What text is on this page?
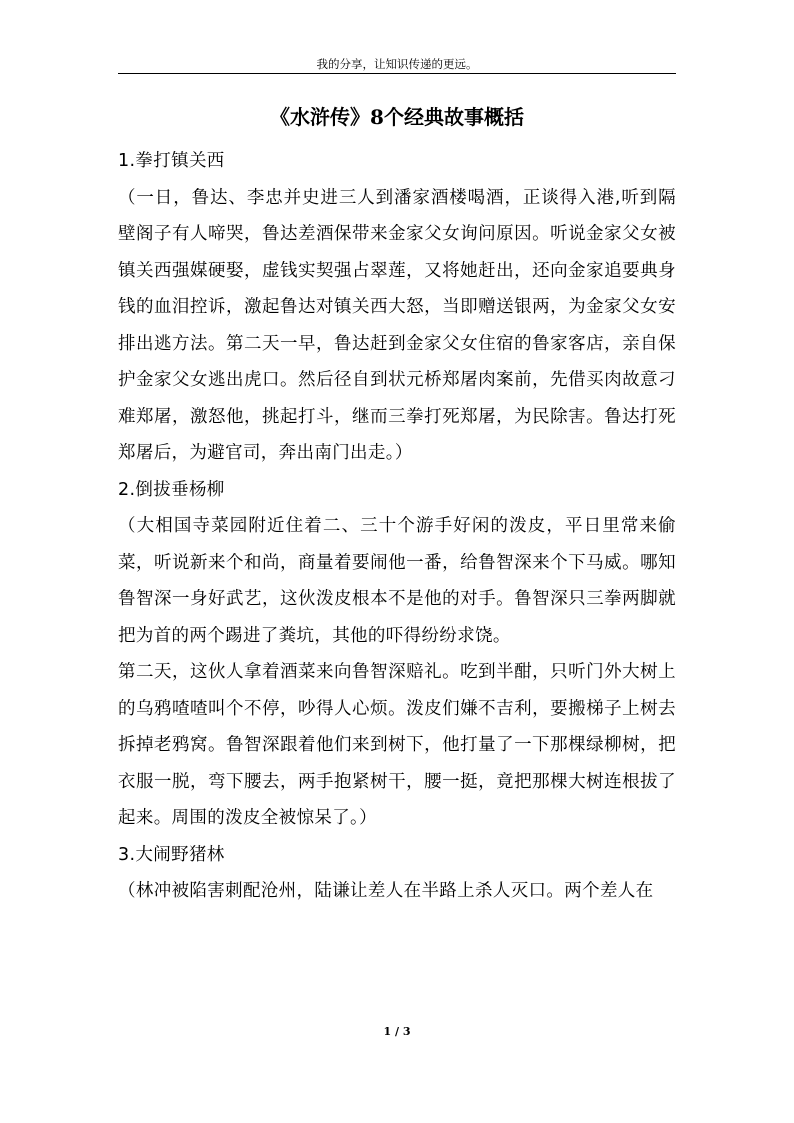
我的分享，让知识传递的更远。
《水浒传》8个经典故事概括

1.拳打镇关西

（一日，鲁达、李忠并史进三人到潘家酒楼喝酒，正谈得入港,听到隔壁阁子有人啼哭，鲁达差酒保带来金家父女询问原因。听说金家父女被镇关西强媒硬娶，虚钱实契强占翠莲，又将她赶出，还向金家追要典身钱的血泪控诉，激起鲁达对镇关西大怒，当即赠送银两，为金家父女安排出逃方法。第二天一早，鲁达赶到金家父女住宿的鲁家客店，亲自保护金家父女逃出虎口。然后径自到状元桥郑屠肉案前，先借买肉故意刁难郑屠，激怒他，挑起打斗，继而三拳打死郑屠，为民除害。鲁达打死郑屠后，为避官司，奔出南门出走。）

2.倒拔垂杨柳

（大相国寺菜园附近住着二、三十个游手好闲的泼皮，平日里常来偷菜，听说新来个和尚，商量着要闹他一番，给鲁智深来个下马威。哪知鲁智深一身好武艺，这伙泼皮根本不是他的对手。鲁智深只三拳两脚就把为首的两个踢进了粪坑，其他的吓得纷纷求饶。

第二天，这伙人拿着酒菜来向鲁智深赔礼。吃到半酣，只听门外大树上的乌鸦喳喳叫个不停，吵得人心烦。泼皮们嫌不吉利，要搬梯子上树去拆掉老鸦窝。鲁智深跟着他们来到树下，他打量了一下那棵绿柳树，把衣服一脱，弯下腰去，两手抱紧树干，腰一挺，竟把那棵大树连根拔了起来。周围的泼皮全被惊呆了。）

3.大闹野猪林

（林冲被陷害刺配沧州，陆谦让差人在半路上杀人灭口。两个差人在

1 / 3
